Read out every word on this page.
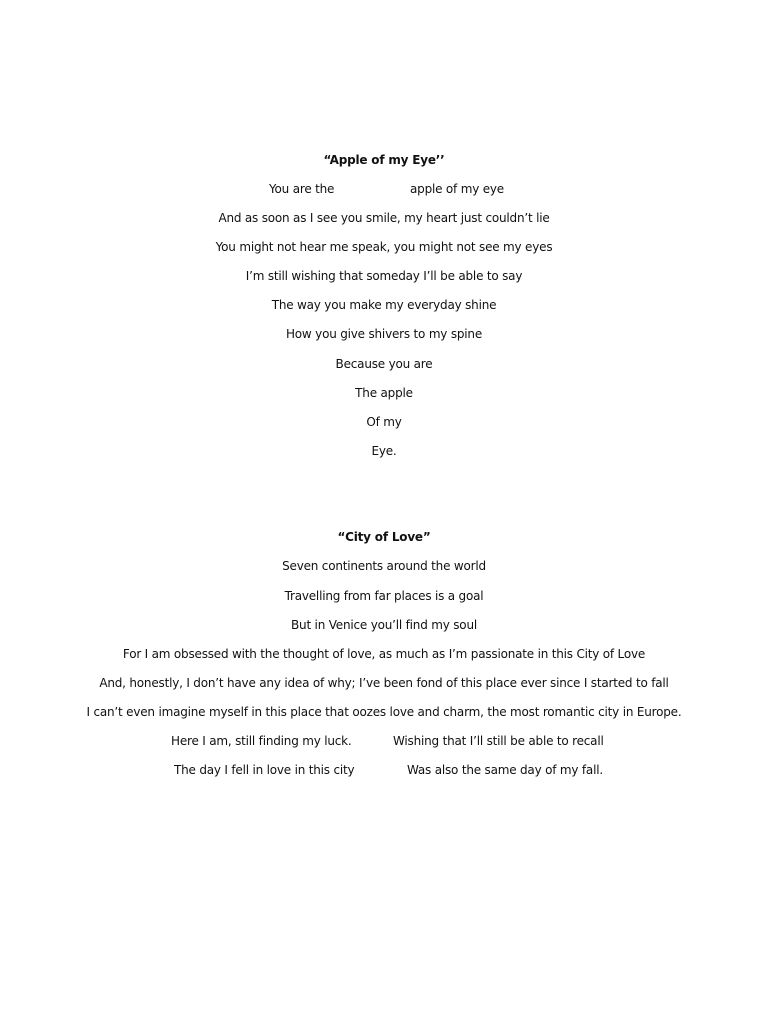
“Apple of my Eye’’
You are the	apple of my eye
And as soon as I see you smile, my heart just couldn’t lie
You might not hear me speak, you might not see my eyes
I’m still wishing that someday I’ll be able to say
The way you make my everyday shine
How you give shivers to my spine
Because you are
The apple
Of my
Eye.
“City of Love”
Seven continents around the world
Travelling from far places is a goal
But in Venice you’ll find my soul
For I am obsessed with the thought of love, as much as I’m passionate in this City of Love
And, honestly, I don’t have any idea of why; I’ve been fond of this place ever since I started to fall
I can’t even imagine myself in this place that oozes love and charm, the most romantic city in Europe.
Here I am, still finding my luck.	Wishing that I’ll still be able to recall
The day I fell in love in this city	Was also the same day of my fall.
